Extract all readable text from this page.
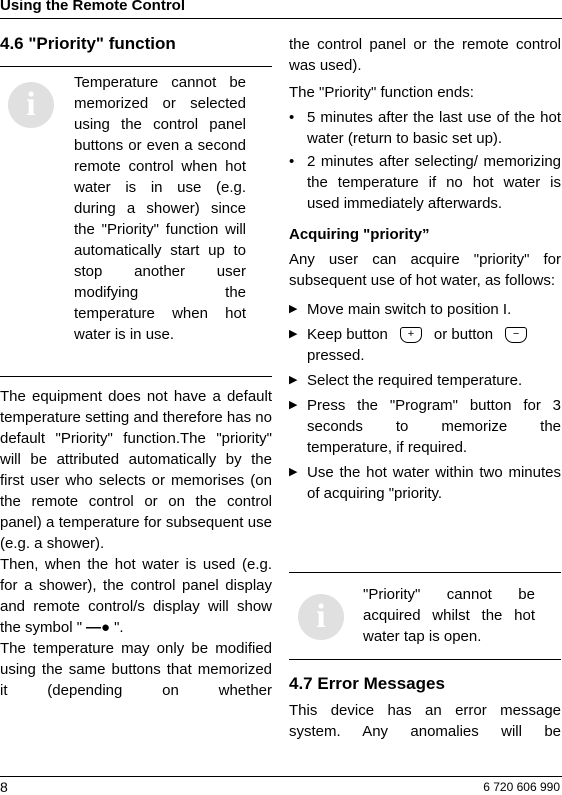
Using the Remote Control
4.6 "Priority" function
i
Temperature cannot be memorized or selected using the control panel buttons or even a second remote control when hot water is in use (e.g. during a shower) since the "Priority" function will automatically start up to stop another user modifying the temperature when hot water is in use.

The equipment does not have a default temperature setting and therefore has no default "Priority" function.The "priority" will be attributed automatically by the first user who selects or memorises (on the remote control or on the control panel) a temperature for subsequent use (e.g. a shower).

Then, when the hot water is used (e.g. for a shower), the control panel display and remote control/s display will show the symbol " —● ".

The temperature may only be modified using the same buttons that memorized it (depending on whether

the control panel or the remote control was used).

The "Priority" function ends:

• 5 minutes after the last use of the hot water (return to basic set up).
• 2 minutes after selecting/ memorizing the temperature if no hot water is used immediately afterwards.

Acquiring "priority”

Any user can acquire "priority" for subsequent use of hot water, as follows:

▶ Move main switch to position I.
▶ Keep button + or button −
pressed.
▶ Select the required temperature.
▶ Press the "Program" button for 3 seconds to memorize the temperature, if required.
▶ Use the hot water within two minutes of acquiring "priority.
i
"Priority" cannot be acquired whilst the hot water tap is open.
4.7 Error Messages

This device has an error message system. Any anomalies will be

8	6 720 606 990
